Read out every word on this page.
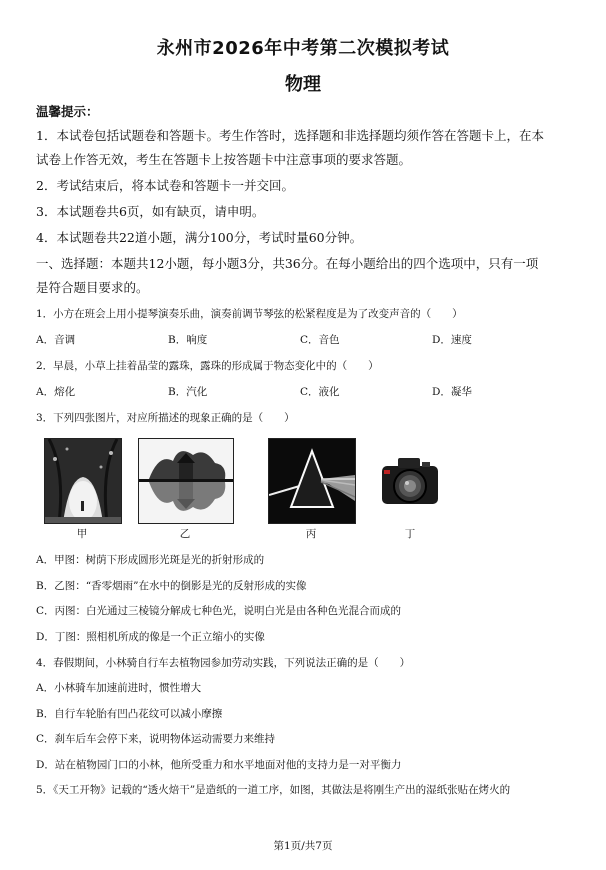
永州市2026年中考第二次模拟考试
物理
温馨提示：
1．本试卷包括试题卷和答题卡。考生作答时，选择题和非选择题均须作答在答题卡上，在本
试卷上作答无效，考生在答题卡上按答题卡中注意事项的要求答题。
2．考试结束后，将本试卷和答题卡一并交回。
3．本试题卷共6页，如有缺页，请申明。
4．本试题卷共22道小题，满分100分，考试时量60分钟。
一、选择题：本题共12小题，每小题3分，共36分。在每小题给出的四个选项中，只有一项
是符合题目要求的。
1．小方在班会上用小提琴演奏乐曲，演奏前调节琴弦的松紧程度是为了改变声音的（　　）
A．音调	B．响度	C．音色	D．速度
2．早晨，小草上挂着晶莹的露珠，露珠的形成属于物态变化中的（　　）
A．熔化	B．汽化	C．液化	D．凝华
3．下列四张图片，对应所描述的现象正确的是（　　）
甲	乙	丙	丁
A．甲图：树荫下形成圆形光斑是光的折射形成的
B．乙图：“香零烟雨”在水中的倒影是光的反射形成的实像
C．丙图：白光通过三棱镜分解成七种色光，说明白光是由各种色光混合而成的
D．丁图：照相机所成的像是一个正立缩小的实像
4．春假期间，小林骑自行车去植物园参加劳动实践，下列说法正确的是（　　）
A．小林骑车加速前进时，惯性增大
B．自行车轮胎有凹凸花纹可以减小摩擦
C．刹车后车会停下来，说明物体运动需要力来维持
D．站在植物园门口的小林，他所受重力和水平地面对他的支持力是一对平衡力
5．《天工开物》记载的“透火焙干”是造纸的一道工序，如图，其做法是将刚生产出的湿纸张贴在烤火的
第1页/共7页
